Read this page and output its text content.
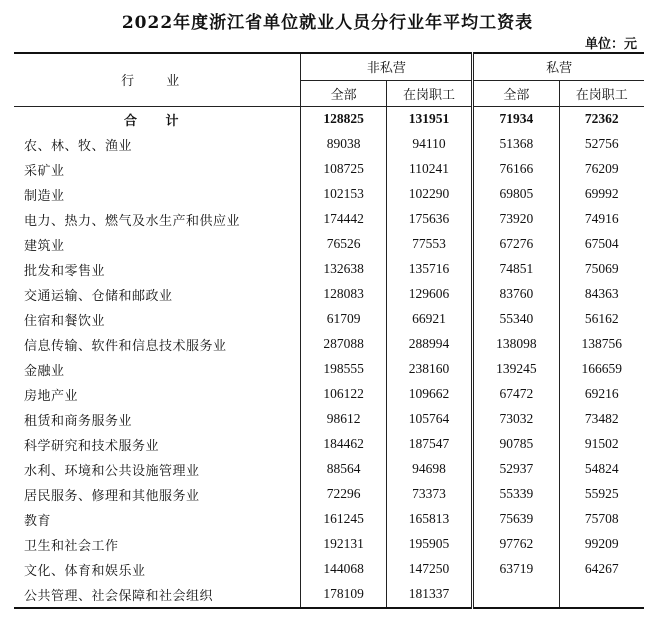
2022年度浙江省单位就业人员分行业年平均工资表
单位：元
行 业	非私营		私营	
	全部	在岗职工	全部	在岗职工
合 计	128825	131951	71934	72362
农、林、牧、渔业	89038	94110	51368	52756
采矿业	108725	110241	76166	76209
制造业	102153	102290	69805	69992
电力、热力、燃气及水生产和供应业	174442	175636	73920	74916
建筑业	76526	77553	67276	67504
批发和零售业	132638	135716	74851	75069
交通运输、仓储和邮政业	128083	129606	83760	84363
住宿和餐饮业	61709	66921	55340	56162
信息传输、软件和信息技术服务业	287088	288994	138098	138756
金融业	198555	238160	139245	166659
房地产业	106122	109662	67472	69216
租赁和商务服务业	98612	105764	73032	73482
科学研究和技术服务业	184462	187547	90785	91502
水利、环境和公共设施管理业	88564	94698	52937	54824
居民服务、修理和其他服务业	72296	73373	55339	55925
教育	161245	165813	75639	75708
卫生和社会工作	192131	195905	97762	99209
文化、体育和娱乐业	144068	147250	63719	64267
公共管理、社会保障和社会组织	178109	181337		
